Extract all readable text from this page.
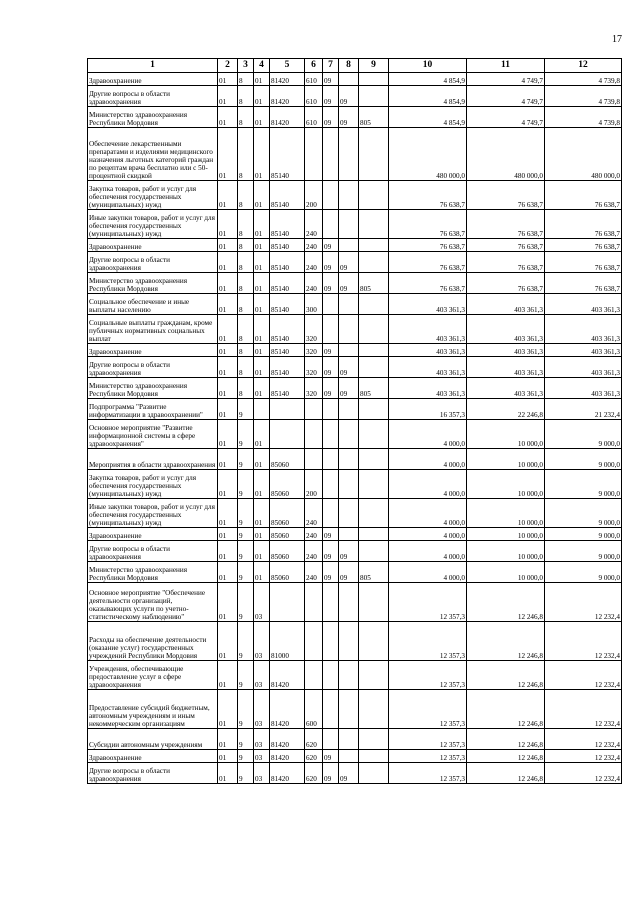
17
1	2	3	4	5	6	7	8	9	10	11	12
Здравоохранение	01	8	01	81420	610	09			4 854,9	4 749,7	4 739,8
Другие вопросы в области здравоохранения	01	8	01	81420	610	09	09		4 854,9	4 749,7	4 739,8
Министерство здравоохранения Республики Мордовия	01	8	01	81420	610	09	09	805	4 854,9	4 749,7	4 739,8
Обеспечение лекарственными препаратами и изделиями медицинского назначения льготных категорий граждан по рецептам врача бесплатно или с 50-процентной скидкой	01	8	01	85140					480 000,0	480 000,0	480 000,0
Закупка товаров, работ и услуг для обеспечения государственных (муниципальных) нужд	01	8	01	85140	200				76 638,7	76 638,7	76 638,7
Иные закупки товаров, работ и услуг для обеспечения государственных (муниципальных) нужд	01	8	01	85140	240				76 638,7	76 638,7	76 638,7
Здравоохранение	01	8	01	85140	240	09			76 638,7	76 638,7	76 638,7
Другие вопросы в области здравоохранения	01	8	01	85140	240	09	09		76 638,7	76 638,7	76 638,7
Министерство здравоохранения Республики Мордовия	01	8	01	85140	240	09	09	805	76 638,7	76 638,7	76 638,7
Социальное обеспечение и иные выплаты населению	01	8	01	85140	300				403 361,3	403 361,3	403 361,3
Социальные выплаты гражданам, кроме публичных нормативных социальных выплат	01	8	01	85140	320				403 361,3	403 361,3	403 361,3
Здравоохранение	01	8	01	85140	320	09			403 361,3	403 361,3	403 361,3
Другие вопросы в области здравоохранения	01	8	01	85140	320	09	09		403 361,3	403 361,3	403 361,3
Министерство здравоохранения Республики Мордовия	01	8	01	85140	320	09	09	805	403 361,3	403 361,3	403 361,3
Подпрограмма "Развитие информатизации в здравоохранении"	01	9							16 357,3	22 246,8	21 232,4
Основное мероприятие "Развитие информационной системы в сфере здравоохранения"	01	9	01						4 000,0	10 000,0	9 000,0
Мероприятия в области здравоохранения	01	9	01	85060					4 000,0	10 000,0	9 000,0
Закупка товаров, работ и услуг для обеспечения государственных (муниципальных) нужд	01	9	01	85060	200				4 000,0	10 000,0	9 000,0
Иные закупки товаров, работ и услуг для обеспечения государственных (муниципальных) нужд	01	9	01	85060	240				4 000,0	10 000,0	9 000,0
Здравоохранение	01	9	01	85060	240	09			4 000,0	10 000,0	9 000,0
Другие вопросы в области здравоохранения	01	9	01	85060	240	09	09		4 000,0	10 000,0	9 000,0
Министерство здравоохранения Республики Мордовия	01	9	01	85060	240	09	09	805	4 000,0	10 000,0	9 000,0
Основное мероприятие "Обеспечение деятельности организаций, оказывающих услуги по учетно-статистическому наблюдению"	01	9	03						12 357,3	12 246,8	12 232,4
Расходы на обеспечение деятельности (оказание услуг) государственных учреждений Республики Мордовия	01	9	03	81000					12 357,3	12 246,8	12 232,4
Учреждения, обеспечивающие предоставление услуг в сфере здравоохранения	01	9	03	81420					12 357,3	12 246,8	12 232,4
Предоставление субсидий бюджетным, автономным учреждениям и иным некоммерческим организациям	01	9	03	81420	600				12 357,3	12 246,8	12 232,4
Субсидии автономным учреждениям	01	9	03	81420	620				12 357,3	12 246,8	12 232,4
Здравоохранение	01	9	03	81420	620	09			12 357,3	12 246,8	12 232,4
Другие вопросы в области здравоохранения	01	9	03	81420	620	09	09		12 357,3	12 246,8	12 232,4
